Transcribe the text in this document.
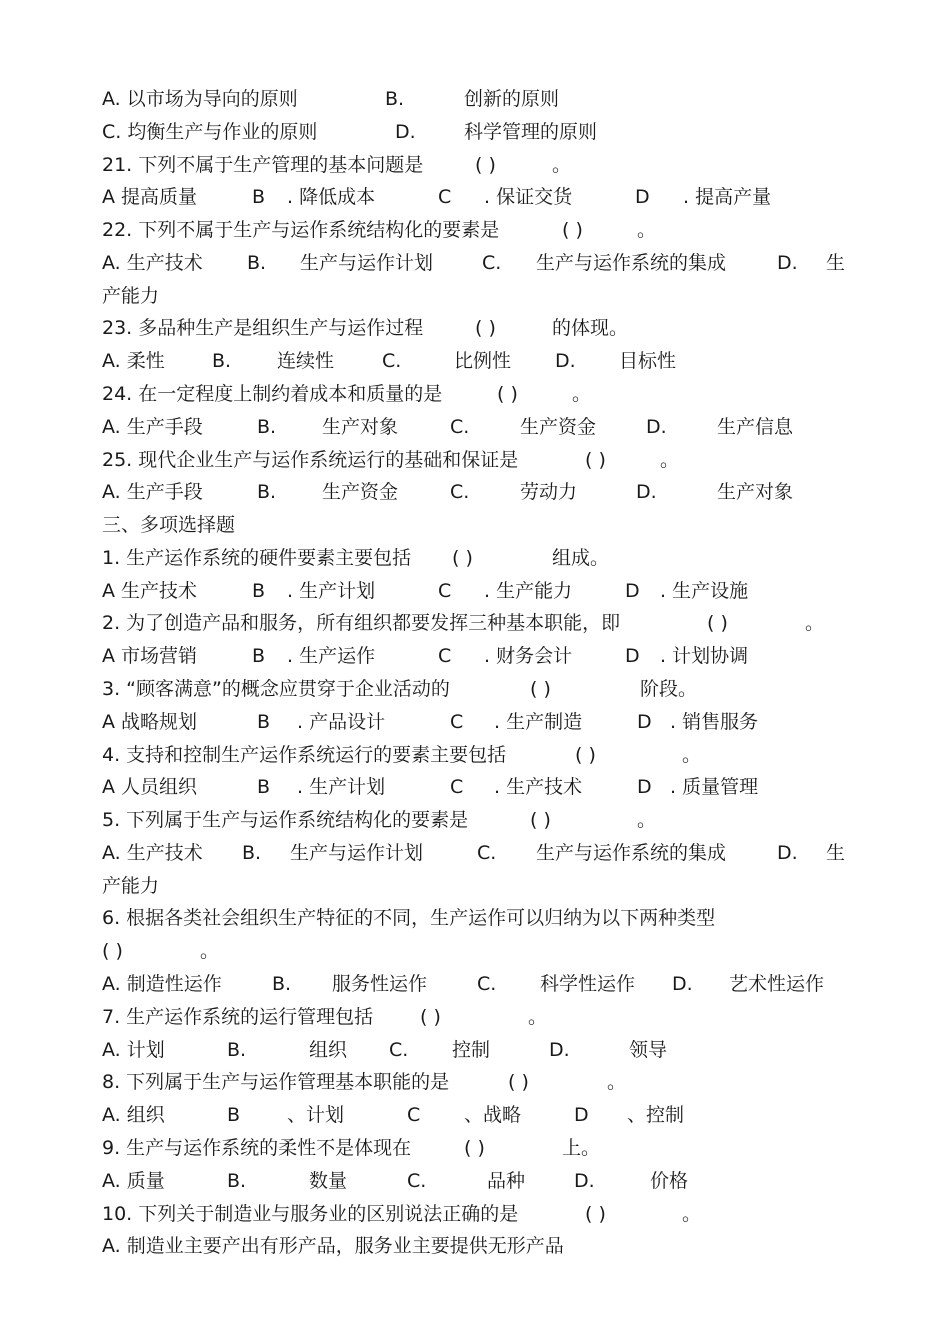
A. 以市场为导向的原则	B.	创新的原则
C. 均衡生产与作业的原则	D.	科学管理的原则
21. 下列不属于生产管理的基本问题是	( )	。
A 提高质量	B . 降低成本	C . 保证交货	D . 提高产量
22. 下列不属于生产与运作系统结构化的要素是	( )	。
A. 生产技术 B. 生产与运作计划	C. 生产与运作系统的集成	D. 生
产能力
23. 多品种生产是组织生产与运作过程	( )	的体现。
A. 柔性 B. 连续性	C.	比例性 D. 目标性
24. 在一定程度上制约着成本和质量的是	( )	。
A. 生产手段	B. 生产对象	C.	生产资金	D.	生产信息
25. 现代企业生产与运作系统运行的基础和保证是	( )	。
A. 生产手段	B. 生产资金	C.	劳动力	D.	生产对象
三、多项选择题
1. 生产运作系统的硬件要素主要包括 ( )	组成。
A 生产技术	B . 生产计划	C . 生产能力	D . 生产设施
2. 为了创造产品和服务，所有组织都要发挥三种基本职能，即	( )	。
A 市场营销	B . 生产运作	C . 财务会计	D . 计划协调
3. “顾客满意”的概念应贯穿于企业活动的	( )	阶段。
A 战略规划	B . 产品设计	C . 生产制造	D . 销售服务
4. 支持和控制生产运作系统运行的要素主要包括	( )	。
A 人员组织	B . 生产计划	C . 生产技术	D . 质量管理
5. 下列属于生产与运作系统结构化的要素是	( )	。
A. 生产技术 B. 生产与运作计划	C. 生产与运作系统的集成	D. 生
产能力
6. 根据各类社会组织生产特征的不同，生产运作可以归纳为以下两种类型
( )	。
A. 制造性运作	B. 服务性运作	C. 科学性运作 D. 艺术性运作
7. 生产运作系统的运行管理包括 ( )	。
A. 计划	B.	组织 C. 控制	D.	领导
8. 下列属于生产与运作管理基本职能的是	( )	。
A. 组织	B 、计划	C 、战略	D 、控制
9. 生产与运作系统的柔性不是体现在	( )	上。
A. 质量	B.	数量	C.	品种	D.	价格
10. 下列关于制造业与服务业的区别说法正确的是	( )	。
A. 制造业主要产出有形产品，服务业主要提供无形产品
